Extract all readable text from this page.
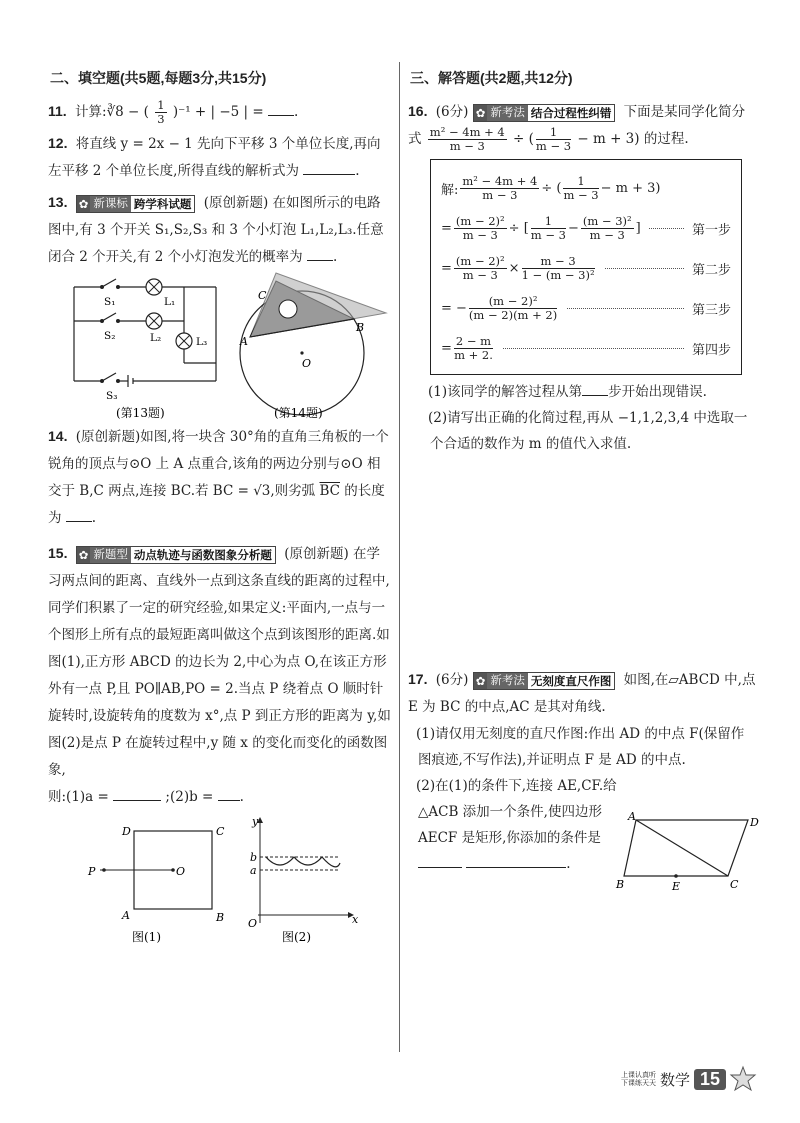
二、填空题(共5题,每题3分,共15分)
11. 计算:∛8 − ( $\frac{1}{3} )^{-1}$ + | −5 | = .
12. 将直线 y = 2x − 1 先向下平移 3 个单位长度,再向左平移 2 个单位长度,所得直线的解析式为	.
13. ✿ 新课标 跨学科试题 (原创新题) 在如图所示的电路图中,有 3 个开关 S₁,S₂,S₃ 和 3 个小灯泡 L₁,L₂,L₃.任意闭合 2 个开关,有 2 个小灯泡发光的概率为 .
S₁
S₂
S₃
L₁
L₂	L₃
(第13题)
A
B
C
O
(第14题)
14. (原创新题)如图,将一块含 30°角的直角三角板的一个锐角的顶点与⊙O 上 A 点重合,该角的两边分别与⊙O 相交于 B,C 两点,连接 BC.若 BC = √3,则劣弧 $\overline{BC}$ 的长度为 .
15. ✿ 新题型 动点轨迹与函数图象分析题 (原创新题) 在学习两点间的距离、直线外一点到这条直线的距离的过程中,同学们积累了一定的研究经验,如果定义:平面内,一点与一个图形上所有点的最短距离叫做这个点到该图形的距离.如图(1),正方形 ABCD 的边长为 2,中心为点 O,在该正方形外有一点 P,且 PO∥AB,PO = 2.当点 P 绕着点 O 顺时针旋转时,设旋转角的度数为 x°,点 P 到正方形的距离为 y,如图(2)是点 P 在旋转过程中,y 随 x 的变化而变化的函数图象,
则:(1)a =	;(2)b = .
D	C
A	B
O
P
图(1)
y
x
O
b
a
图(2)
三、解答题(共2题,共12分)
16. (6分) ✿ 新考法 结合过程性纠错 下面是某同学化简分式 $\frac{\text{m² − 4m + 4}}{m - 3}$ ÷ ( $\frac{1}{m - 3} - m + 3$) 的过程.
解: $\frac{\text{m² − 4m + 4}}{m - 3}$ ÷ ( $\frac{1}{m - 3} - m + 3$)
= $\frac{\text{(m − 2)²}}{m - 3}$ ÷ [ $\frac{1}{m - 3} - \frac{\text{(m − 3)²}}{m - 3}$ ]	第一步
= $\frac{\text{(m − 2)²}}{m - 3} \times \frac{m - 3}{\text{1 − (m − 3)²}}$	第二步
= − $\frac{\text{(m − 2)²}}{(m - 2)(m + 2)}$	第三步
= $\frac{2 - m}{m + 2.}$	第四步
(1)该同学的解答过程从第 步开始出现错误.
(2)请写出正确的化简过程,再从 −1,1,2,3,4 中选取一个合适的数作为 m 的值代入求值.
17. (6分) ✿ 新考法 无刻度直尺作图 如图,在▱ABCD 中,点 E 为 BC 的中点,AC 是其对角线.
(1)请仅用无刻度的直尺作图:作出 AD 的中点 F(保留作图痕迹,不写作法),并证明点 F 是 AD 的中点.
(2)在(1)的条件下,连接 AE,CF.给△ACB 添加一个条件,使四边形 AECF 是矩形,你添加的条件是  .
A	D
B	E	C
上课认真听
下课练天天 数学 15
